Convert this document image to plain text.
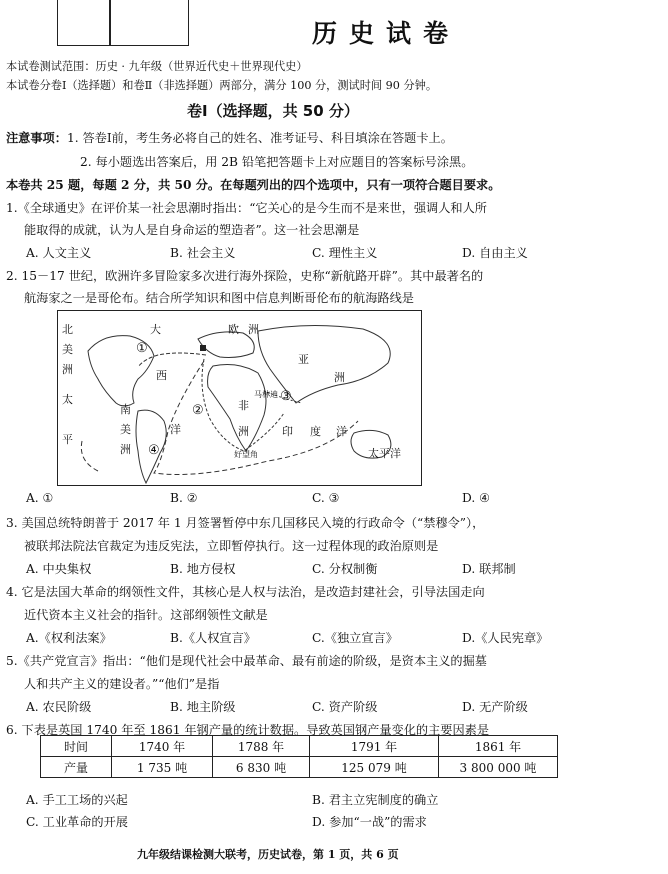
历史试卷
本试卷测试范围：历史 · 九年级（世界近代史＋世界现代史）
本试卷分卷Ⅰ（选择题）和卷Ⅱ（非选择题）两部分，满分 100 分，测试时间 90 分钟。
卷Ⅰ（选择题，共 50 分）
注意事项：1. 答卷Ⅰ前，考生务必将自己的姓名、准考证号、科目填涂在答题卡上。
2. 每小题选出答案后，用 2B 铅笔把答题卡上对应题目的答案标号涂黑。
本卷共 25 题，每题 2 分，共 50 分。在每题列出的四个选项中，只有一项符合题目要求。
1.《全球通史》在评价某一社会思潮时指出：“它关心的是今生而不是来世，强调人和人所
能取得的成就，认为人是自身命运的塑造者”。这一社会思潮是
A. 人文主义	B. 社会主义	C. 理性主义	D. 自由主义
2. 15－17 世纪，欧洲许多冒险家多次进行海外探险，史称“新航路开辟”。其中最著名的
航海家之一是哥伦布。结合所学知识和图中信息判断哥伦布的航海路线是
北
美
洲
太
平
大
西
欧 洲
亚
洲
非
洲	印 度 洋
南
美
洲	太平洋
洋
马林迪
好望角
①
②
③
④
A. ①	B. ②	C. ③	D. ④
3. 美国总统特朗普于 2017 年 1 月签署暂停中东几国移民入境的行政命令（“禁穆令”），
被联邦法院法官裁定为违反宪法，立即暂停执行。这一过程体现的政治原则是
A. 中央集权	B. 地方侵权	C. 分权制衡	D. 联邦制
4. 它是法国大革命的纲领性文件，其核心是人权与法治，是改造封建社会，引导法国走向
近代资本主义社会的指针。这部纲领性文献是
A.《权利法案》	B.《人权宣言》	C.《独立宣言》	D.《人民宪章》
5.《共产党宣言》指出：“他们是现代社会中最革命、最有前途的阶级，是资本主义的掘墓
人和共产主义的建设者。”“他们”是指
A. 农民阶级	B. 地主阶级	C. 资产阶级	D. 无产阶级
6. 下表是英国 1740 年至 1861 年钢产量的统计数据。导致英国钢产量变化的主要因素是
时间	1740 年	1788 年	1791 年	1861 年
产量	1 735 吨	6 830 吨	125 079 吨	3 800 000 吨
A. 手工工场的兴起	B. 君主立宪制度的确立
C. 工业革命的开展	D. 参加“一战”的需求
九年级结课检测大联考，历史试卷，第 1 页，共 6 页
